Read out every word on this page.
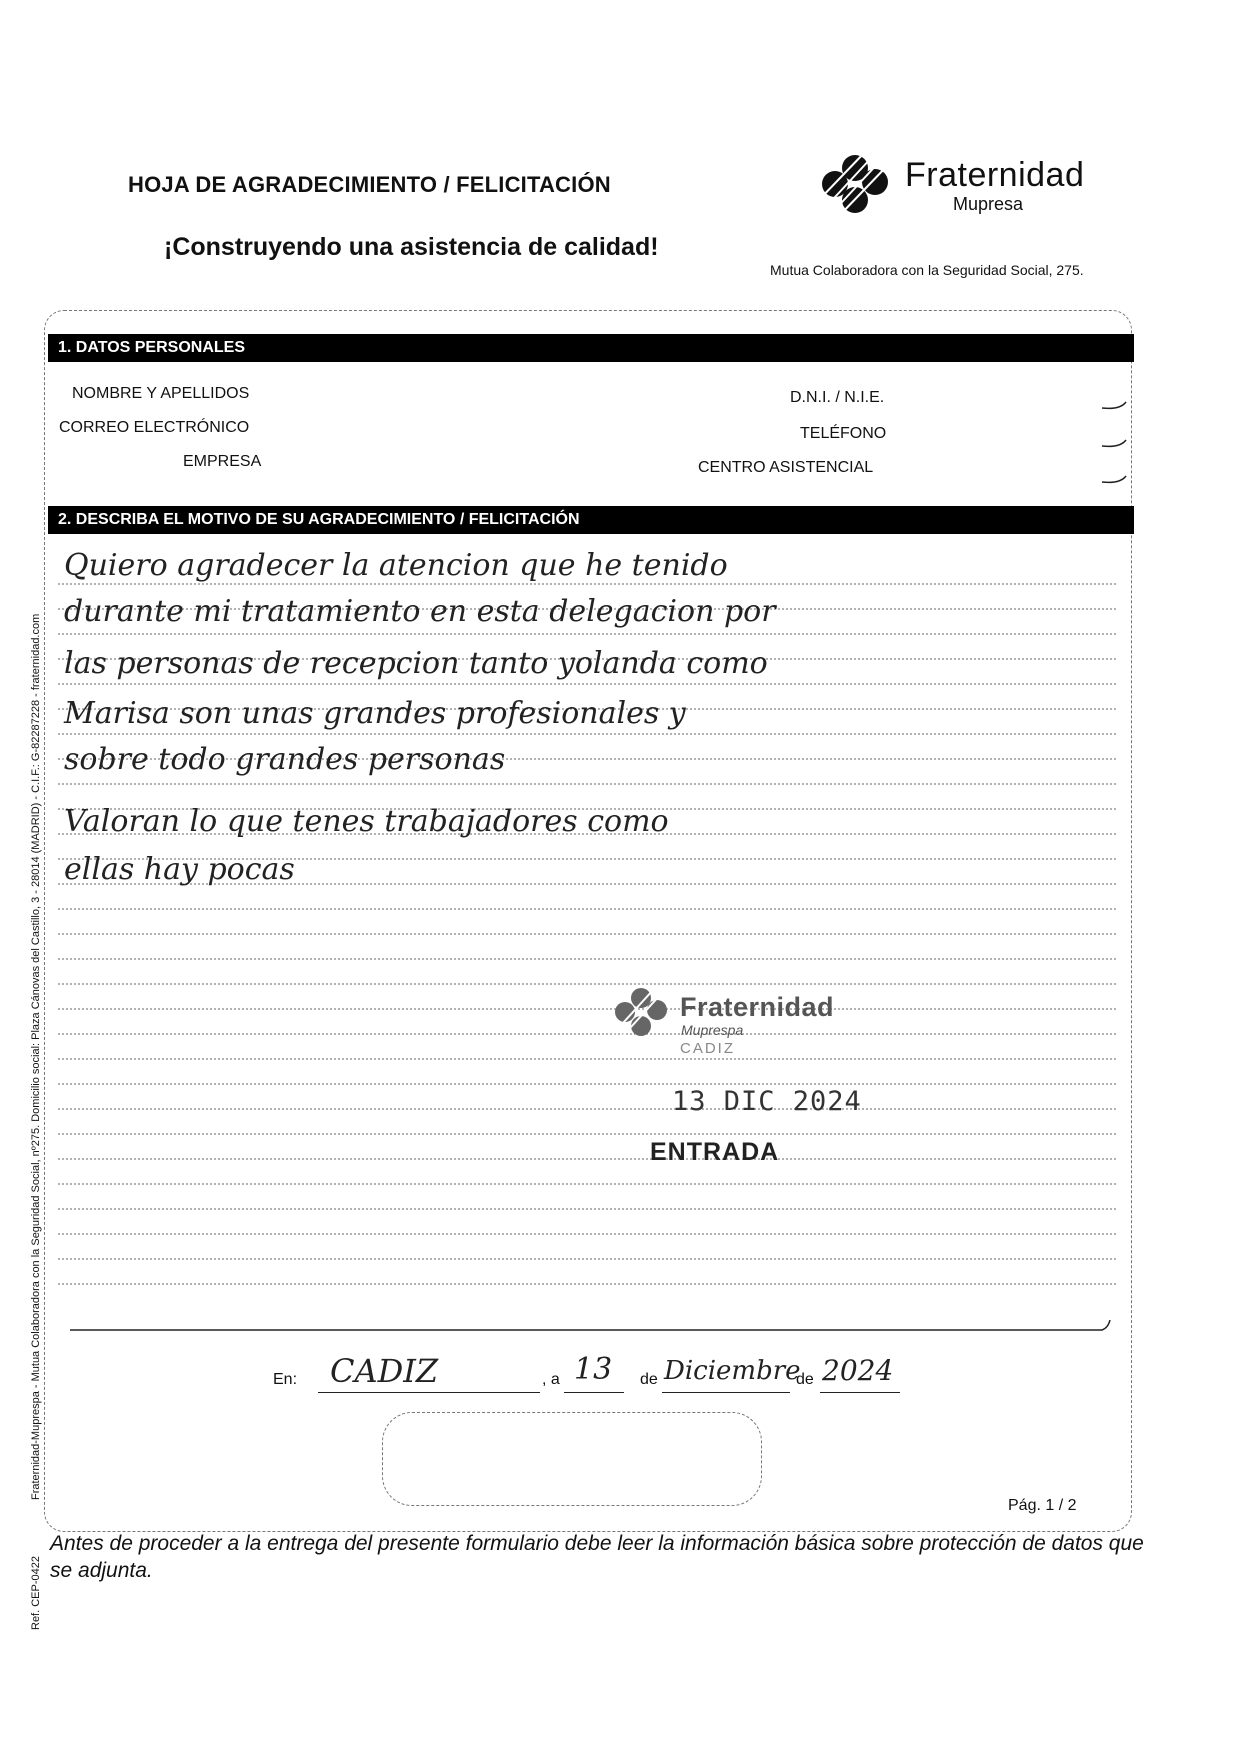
HOJA DE AGRADECIMIENTO / FELICITACIÓN
¡Construyendo una asistencia de calidad!
Fraternidad
Mupresa
Mutua Colaboradora con la Seguridad Social, 275.
1. DATOS PERSONALES
NOMBRE Y APELLIDOS	D.N.I. / N.I.E.
CORREO ELECTRÓNICO	TELÉFONO
EMPRESA	CENTRO ASISTENCIAL
2. DESCRIBA EL MOTIVO DE SU AGRADECIMIENTO / FELICITACIÓN
Quiero agradecer la atencion que he tenido
durante mi tratamiento en esta delegacion por
las personas de recepcion tanto yolanda como
Marisa son unas grandes profesionales y
sobre todo grandes personas
Valoran lo que tenes trabajadores como
ellas hay pocas
Fraternidad
Muprespa
CADIZ
13 DIC 2024
ENTRADA
En: CADIZ	, a 13 de Diciembre
de 2024
Pág. 1 / 2
Antes de proceder a la entrega del presente formulario debe leer la información básica sobre protección de datos que se adjunta.
Fraternidad-Muprespa - Mutua Colaboradora con la Seguridad Social, nº275. Domicilio social: Plaza Cánovas del Castillo, 3 - 28014 (MADRID) - C.I.F.: G-82287228 - fraternidad.com
Ref. CEP-0422
